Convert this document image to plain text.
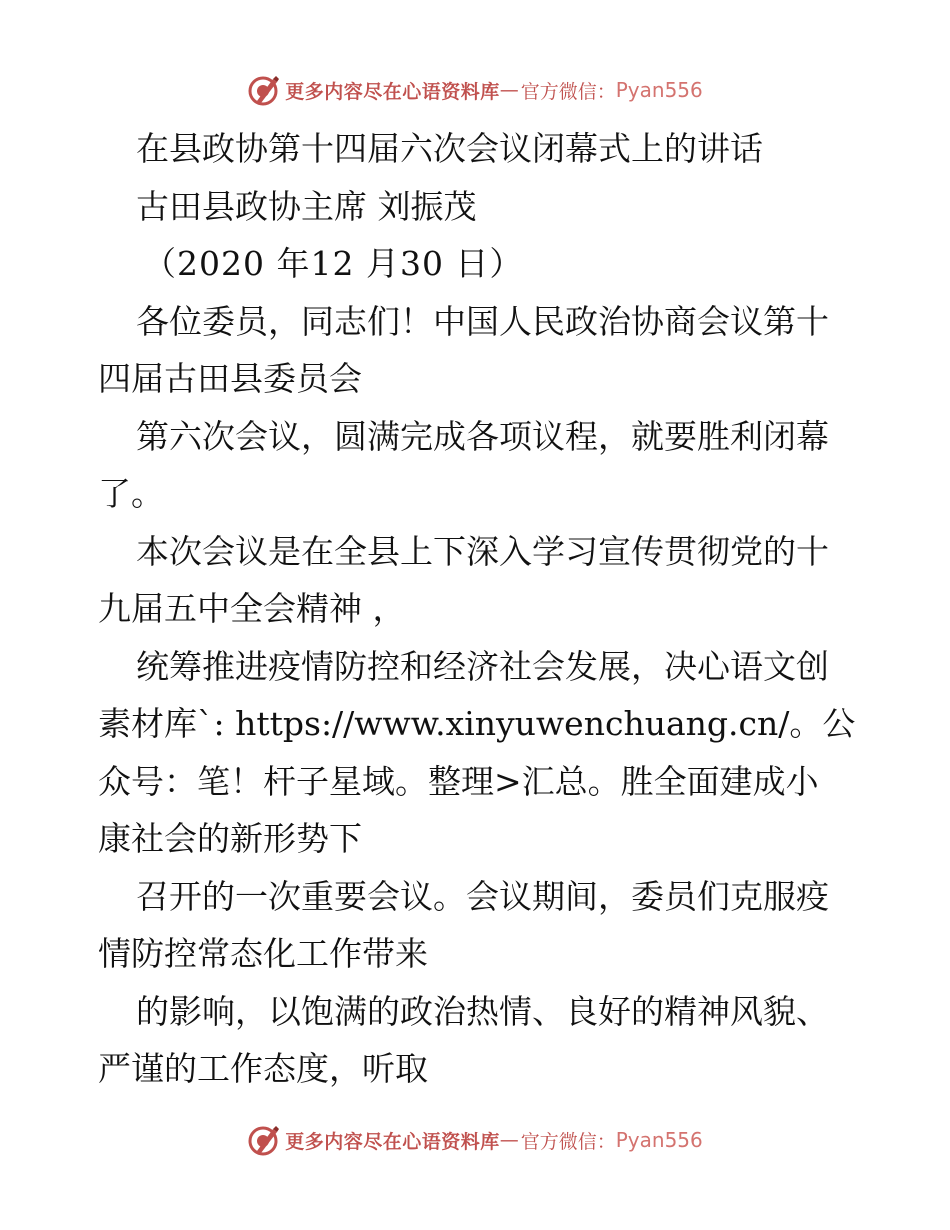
更多内容尽在心语资料库 — 官方微信： Pyan556
在县政协第十四届六次会议闭幕式上的讲话
古田县政协主席 刘振茂
（2020 年12 月30 日）
各位委员，同志们！中国人民政治协商会议第十
四届古田县委员会
第六次会议，圆满完成各项议程，就要胜利闭幕
了。
本次会议是在全县上下深入学习宣传贯彻党的十
九届五中全会精神 ，
统筹推进疫情防控和经济社会发展，决心语文创
素材库`: https://www.xinyuwenchuang.cn/。公
众号：笔！杆子星域。整理>汇总。胜全面建成小
康社会的新形势下
召开的一次重要会议。会议期间，委员们克服疫
情防控常态化工作带来
的影响，以饱满的政治热情、良好的精神风貌、
严谨的工作态度，听取
更多内容尽在心语资料库 — 官方微信： Pyan556
